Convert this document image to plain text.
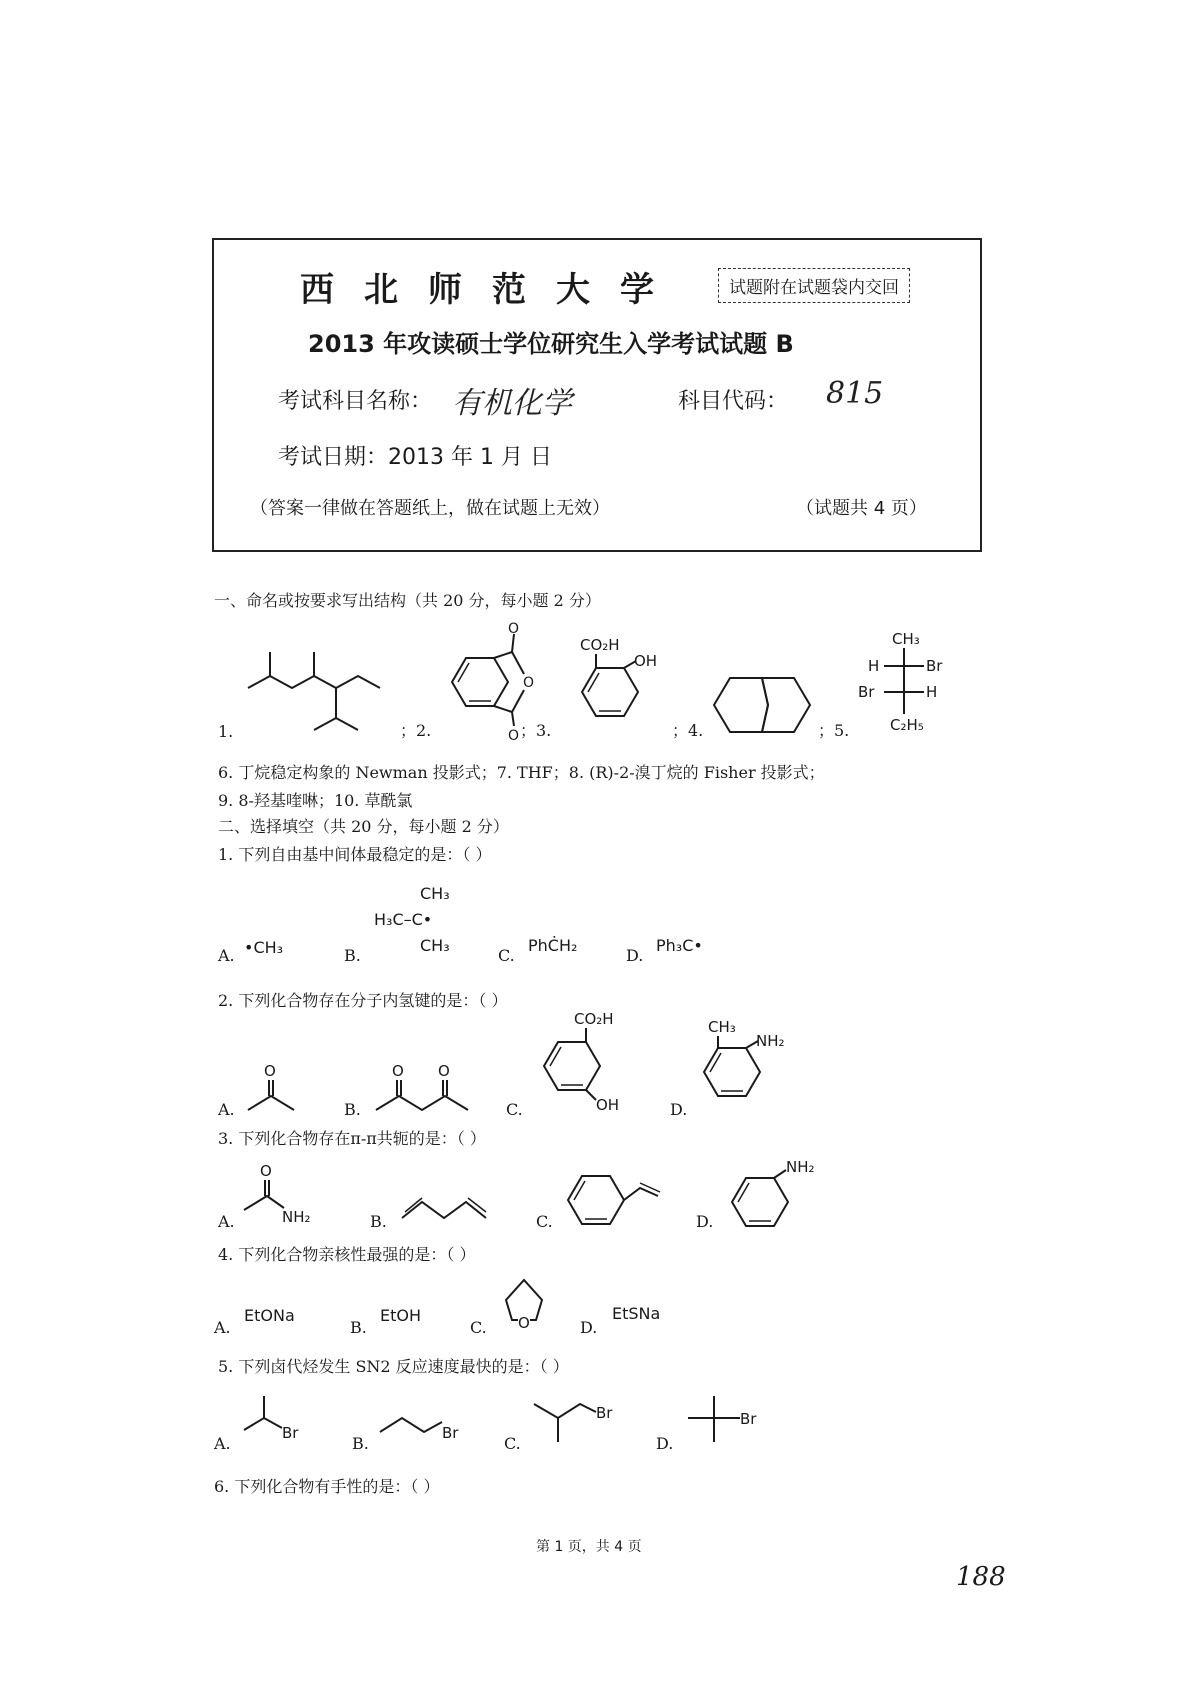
西北师范大学	试题附在试题袋内交回
2013 年攻读硕士学位研究生入学考试试题 B
考试科目名称： 有机化学	科目代码： 815
考试日期：2013 年 1 月 日
（答案一律做在答题纸上，做在试题上无效）	（试题共 4 页）
一、命名或按要求写出结构（共 20 分，每小题 2 分）
1.	；2.
O
O
O ；3.
CO₂H
OH
；4.	；5.
CH₃
H	Br
Br	H
C₂H₅
6. 丁烷稳定构象的 Newman 投影式；7. THF；8. (R)-2-溴丁烷的 Fisher 投影式；
9. 8-羟基喹啉；10. 草酰氯
二、选择填空（共 20 分，每小题 2 分）
1. 下列自由基中间体最稳定的是：（ ）
A. •CH₃	B.
CH₃
H₃C–C•
CH₃
C.
PhĊH₂
D.
Ph₃C•
2. 下列化合物存在分子内氢键的是：（ ）
A.
O
B.
O O
C.
CO₂H
OH	D.
CH₃
NH₂
3. 下列化合物存在π-π共轭的是：（ ）
A.
O
NH₂	B.	C.	D.
NH₂
4. 下列化合物亲核性最强的是：（ ）
A.
EtONa
B.
EtOH
C. O	D.
EtSNa
5. 下列卤代烃发生 SN2 反应速度最快的是：（ ）
A.
Br
B.
Br
C.
Br
D.
Br
6. 下列化合物有手性的是：（ ）
第 1 页，共 4 页
188
